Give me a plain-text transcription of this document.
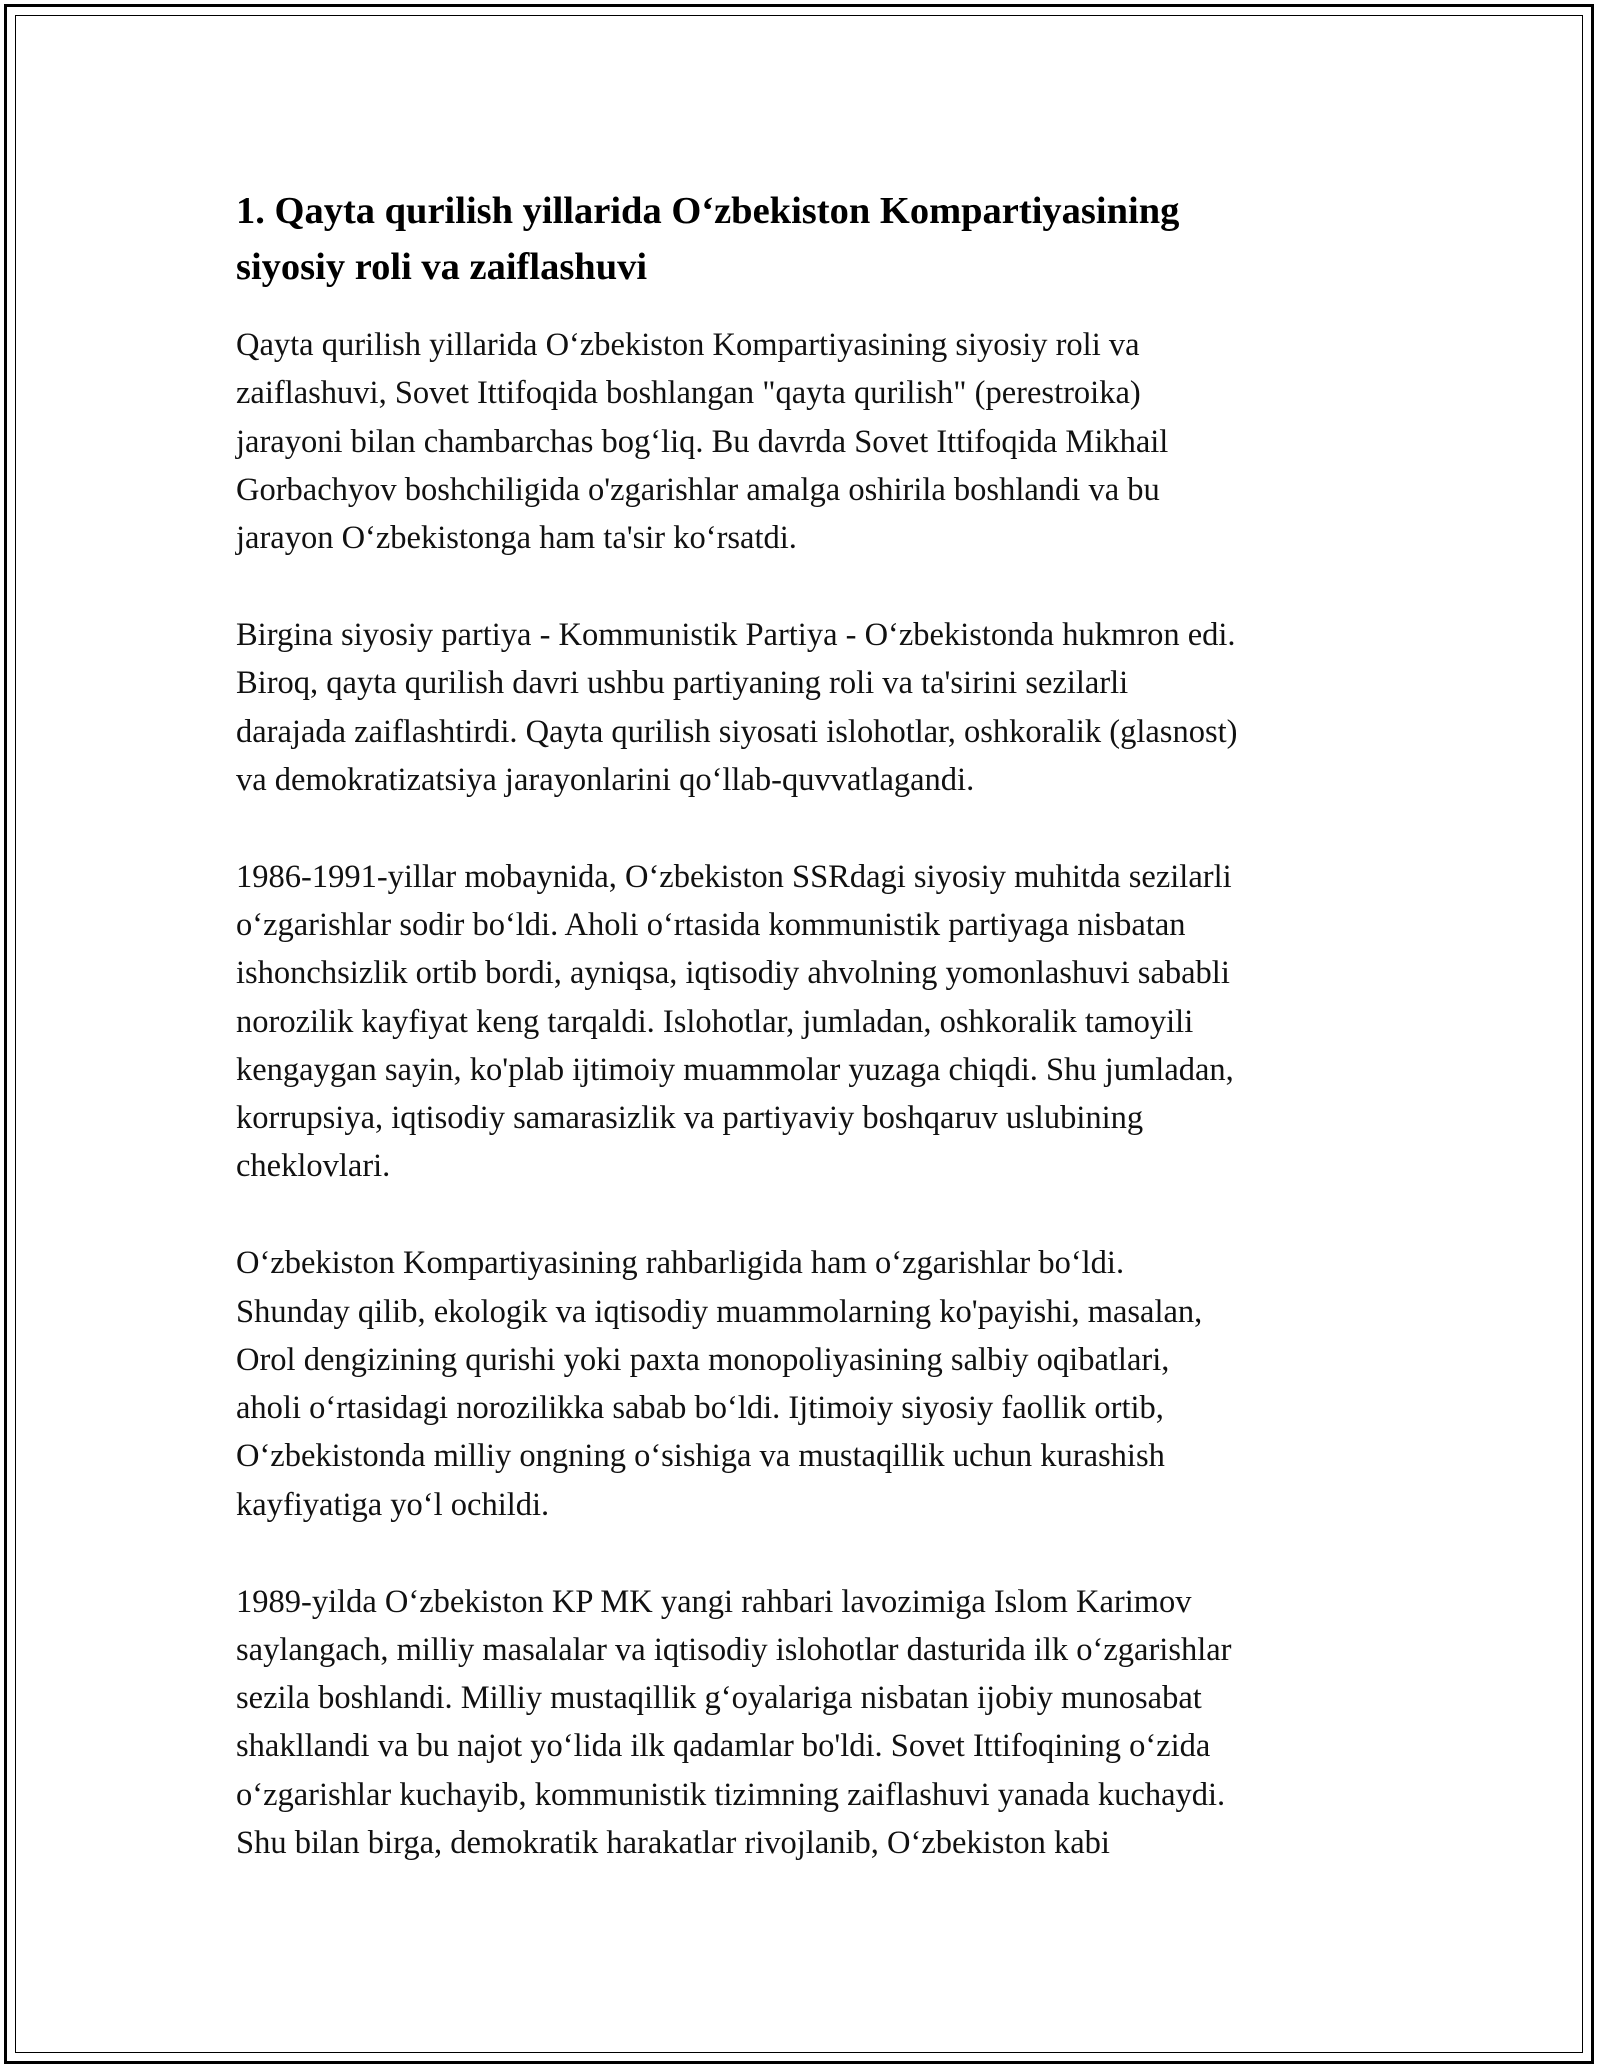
1. Qayta qurilish yillarida O‘zbekiston Kompartiyasining
siyosiy roli va zaiflashuvi

Qayta qurilish yillarida O‘zbekiston Kompartiyasining siyosiy roli va
zaiflashuvi, Sovet Ittifoqida boshlangan "qayta qurilish" (perestroika)
jarayoni bilan chambarchas bog‘liq. Bu davrda Sovet Ittifoqida Mikhail
Gorbachyov boshchiligida o'zgarishlar amalga oshirila boshlandi va bu
jarayon O‘zbekistonga ham ta'sir ko‘rsatdi.

Birgina siyosiy partiya - Kommunistik Partiya - O‘zbekistonda hukmron edi.
Biroq, qayta qurilish davri ushbu partiyaning roli va ta'sirini sezilarli
darajada zaiflashtirdi. Qayta qurilish siyosati islohotlar, oshkoralik (glasnost)
va demokratizatsiya jarayonlarini qo‘llab-quvvatlagandi.

1986-1991-yillar mobaynida, O‘zbekiston SSRdagi siyosiy muhitda sezilarli
o‘zgarishlar sodir bo‘ldi. Aholi o‘rtasida kommunistik partiyaga nisbatan
ishonchsizlik ortib bordi, ayniqsa, iqtisodiy ahvolning yomonlashuvi sababli
norozilik kayfiyat keng tarqaldi. Islohotlar, jumladan, oshkoralik tamoyili
kengaygan sayin, ko'plab ijtimoiy muammolar yuzaga chiqdi. Shu jumladan,
korrupsiya, iqtisodiy samarasizlik va partiyaviy boshqaruv uslubining
cheklovlari.

O‘zbekiston Kompartiyasining rahbarligida ham o‘zgarishlar bo‘ldi.
Shunday qilib, ekologik va iqtisodiy muammolarning ko'payishi, masalan,
Orol dengizining qurishi yoki paxta monopoliyasining salbiy oqibatlari,
aholi o‘rtasidagi norozilikka sabab bo‘ldi. Ijtimoiy siyosiy faollik ortib,
O‘zbekistonda milliy ongning o‘sishiga va mustaqillik uchun kurashish
kayfiyatiga yo‘l ochildi.

1989-yilda O‘zbekiston KP MK yangi rahbari lavozimiga Islom Karimov
saylangach, milliy masalalar va iqtisodiy islohotlar dasturida ilk o‘zgarishlar
sezila boshlandi. Milliy mustaqillik g‘oyalariga nisbatan ijobiy munosabat
shakllandi va bu najot yo‘lida ilk qadamlar bo'ldi. Sovet Ittifoqining o‘zida
o‘zgarishlar kuchayib, kommunistik tizimning zaiflashuvi yanada kuchaydi.
Shu bilan birga, demokratik harakatlar rivojlanib, O‘zbekiston kabi
